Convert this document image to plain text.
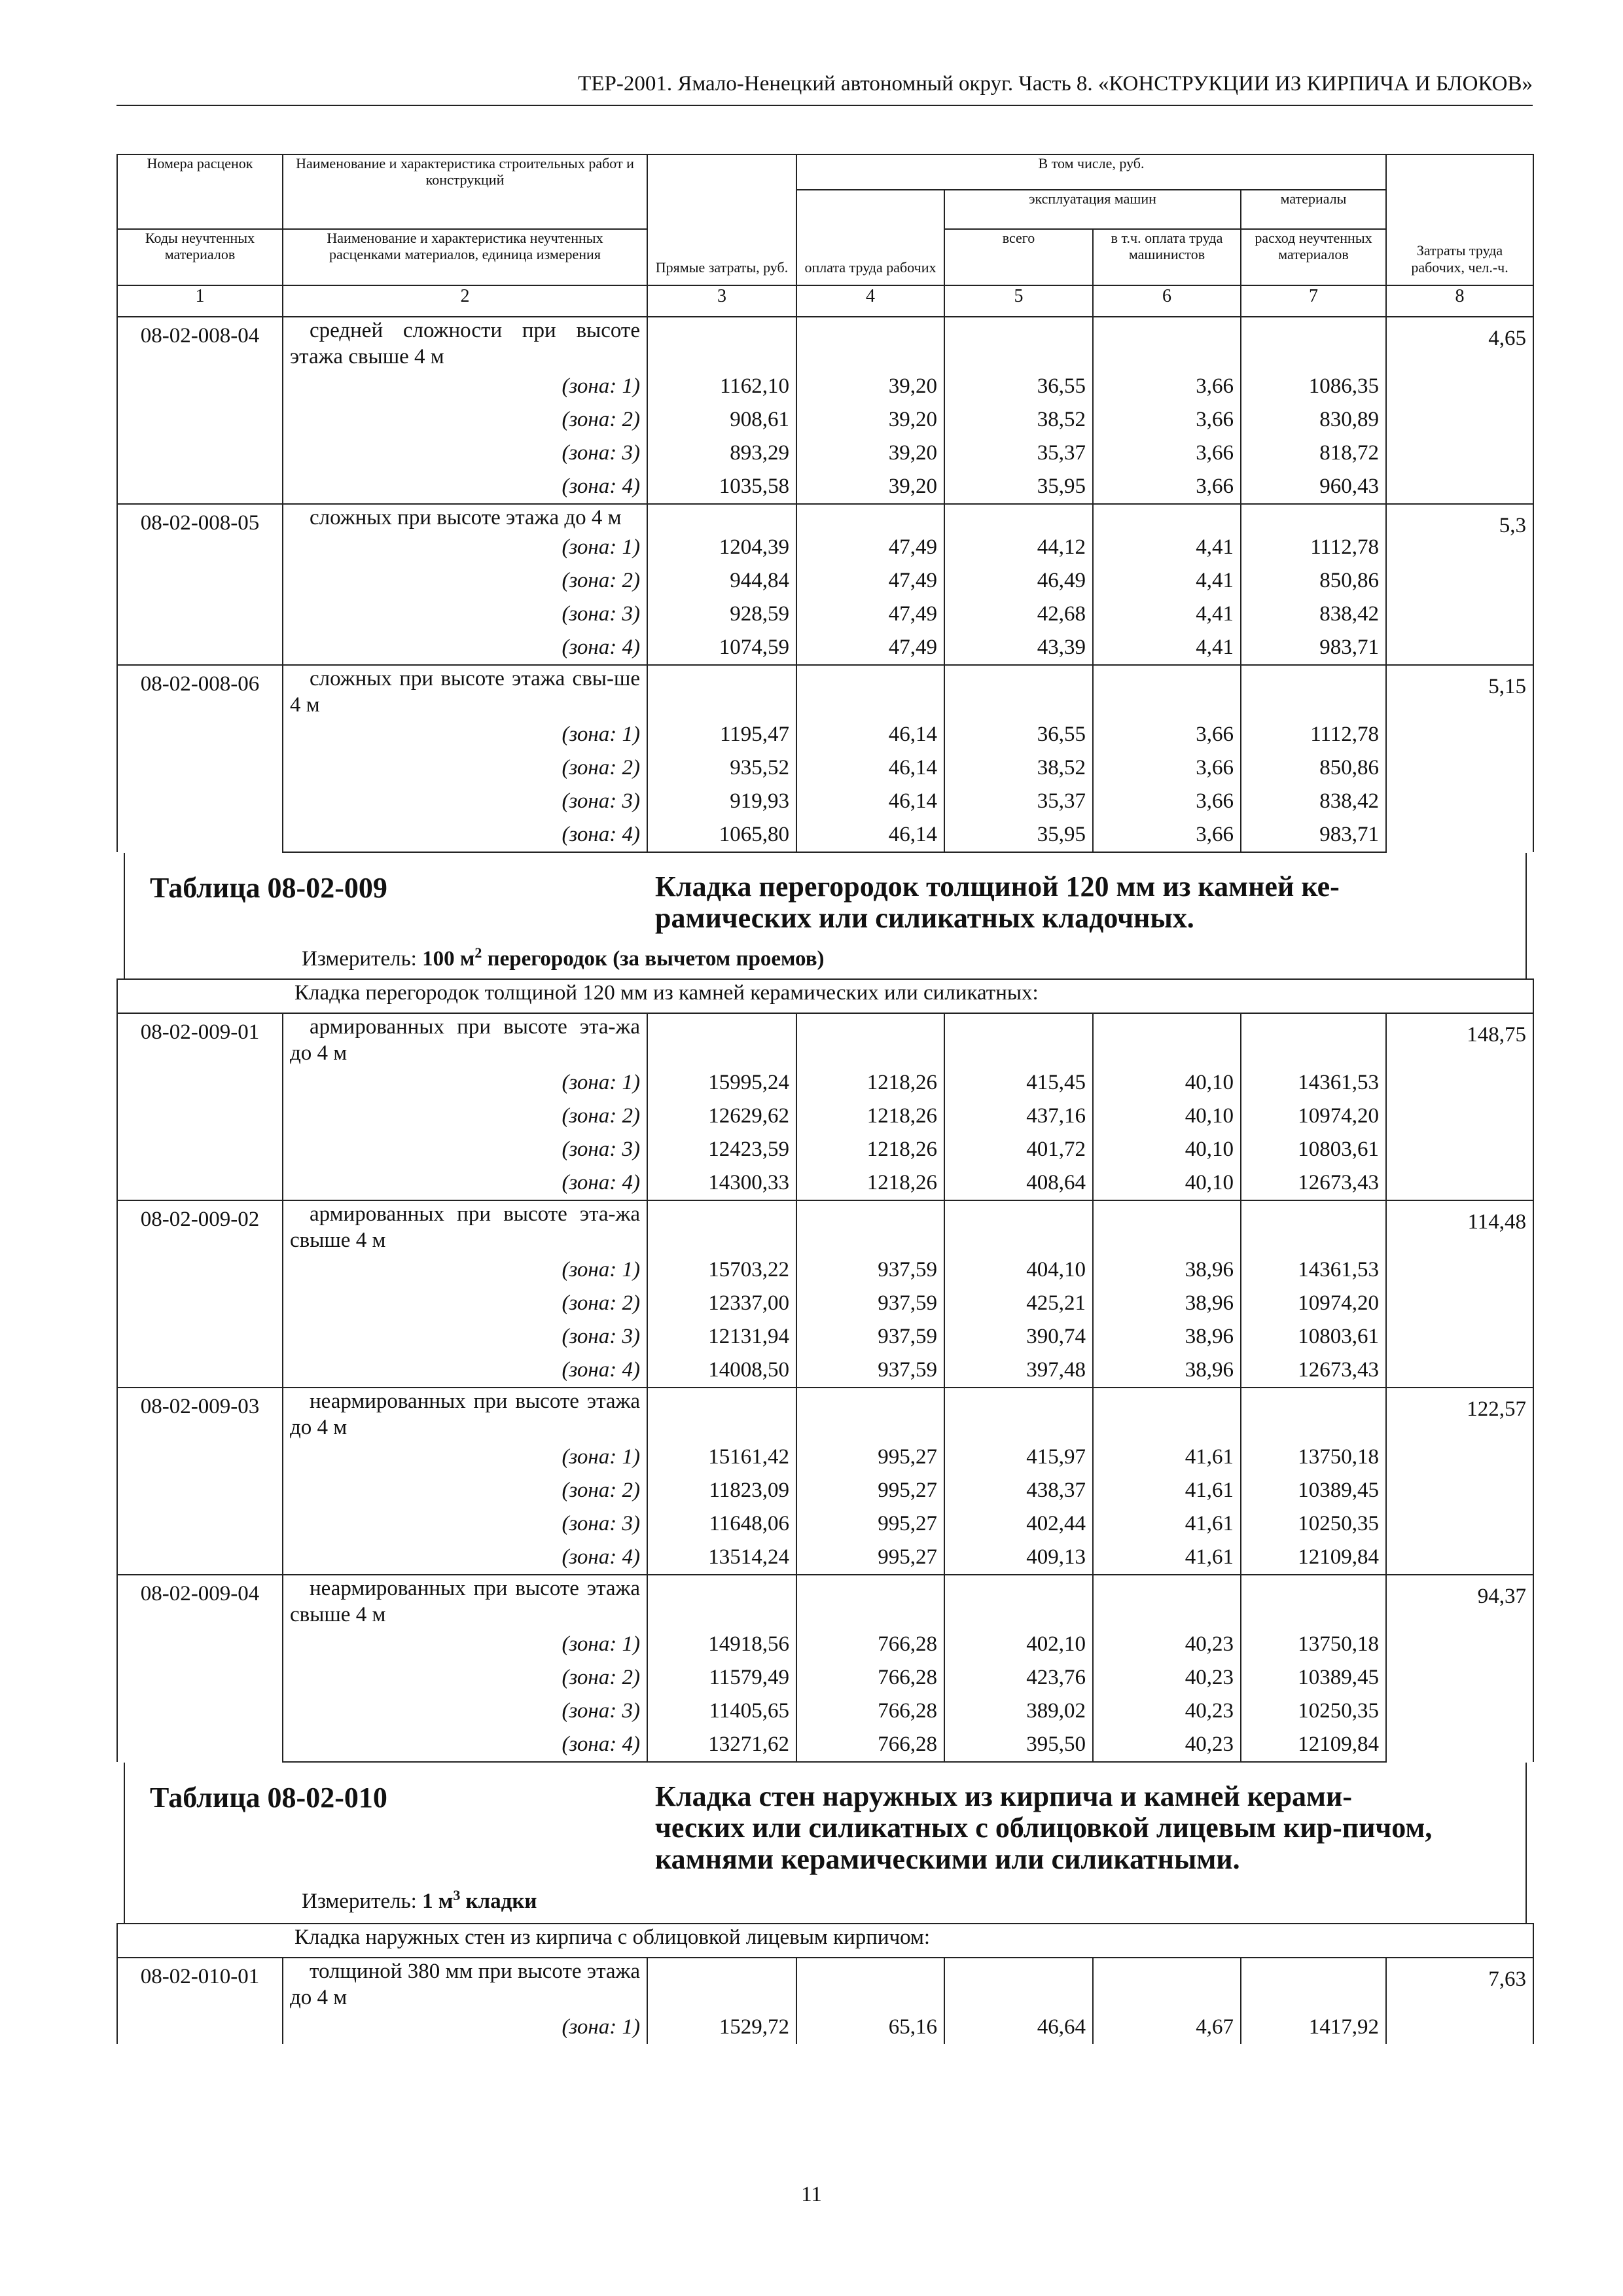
ТЕР-2001. Ямало-Ненецкий автономный округ. Часть 8. «КОНСТРУКЦИИ ИЗ КИРПИЧА И БЛОКОВ»
Номера расценок	Наименование и характеристика строительных работ и конструкций	Прямые затраты, руб.	В том числе, руб.				Затраты труда рабочих, чел.-ч.
			оплата труда рабочих	эксплуатация машин		материалы	
Коды неучтенных материалов	Наименование и характеристика неучтенных расценками материалов, единица измерения			всего	в т.ч. оплата труда машинистов	расход неучтенных материалов	
1	2	3	4	5	6	7	8
08-02-008-04	средней сложности при высоте этажа свыше 4 м						4,65
	(зона: 1)	1162,10	39,20	36,55	3,66	1086,35	
	(зона: 2)	908,61	39,20	38,52	3,66	830,89	
	(зона: 3)	893,29	39,20	35,37	3,66	818,72	
	(зона: 4)	1035,58	39,20	35,95	3,66	960,43	
08-02-008-05	сложных при высоте этажа до 4 м						5,3
	(зона: 1)	1204,39	47,49	44,12	4,41	1112,78	
	(зона: 2)	944,84	47,49	46,49	4,41	850,86	
	(зона: 3)	928,59	47,49	42,68	4,41	838,42	
	(зона: 4)	1074,59	47,49	43,39	4,41	983,71	
08-02-008-06	сложных при высоте этажа свы-ше 4 м						5,15
	(зона: 1)	1195,47	46,14	36,55	3,66	1112,78	
	(зона: 2)	935,52	46,14	38,52	3,66	850,86	
	(зона: 3)	919,93	46,14	35,37	3,66	838,42	
	(зона: 4)	1065,80	46,14	35,95	3,66	983,71	

Таблица 08-02-009 Кладка перегородок толщиной 120 мм из камней ке-рамических или силикатных кладочных.
Измеритель: 100 $м^2$ перегородок (за вычетом проемов)							

Кладка перегородок толщиной 120 мм из камней керамических или силикатных:							
08-02-009-01	армированных при высоте эта-жа до 4 м						148,75
	(зона: 1)	15995,24	1218,26	415,45	40,10	14361,53	
	(зона: 2)	12629,62	1218,26	437,16	40,10	10974,20	
	(зона: 3)	12423,59	1218,26	401,72	40,10	10803,61	
	(зона: 4)	14300,33	1218,26	408,64	40,10	12673,43	
08-02-009-02	армированных при высоте эта-жа свыше 4 м						114,48
	(зона: 1)	15703,22	937,59	404,10	38,96	14361,53	
	(зона: 2)	12337,00	937,59	425,21	38,96	10974,20	
	(зона: 3)	12131,94	937,59	390,74	38,96	10803,61	
	(зона: 4)	14008,50	937,59	397,48	38,96	12673,43	
08-02-009-03	неармированных при высоте этажа до 4 м						122,57
	(зона: 1)	15161,42	995,27	415,97	41,61	13750,18	
	(зона: 2)	11823,09	995,27	438,37	41,61	10389,45	
	(зона: 3)	11648,06	995,27	402,44	41,61	10250,35	
	(зона: 4)	13514,24	995,27	409,13	41,61	12109,84	
08-02-009-04	неармированных при высоте этажа свыше 4 м						94,37
	(зона: 1)	14918,56	766,28	402,10	40,23	13750,18	
	(зона: 2)	11579,49	766,28	423,76	40,23	10389,45	
	(зона: 3)	11405,65	766,28	389,02	40,23	10250,35	
	(зона: 4)	13271,62	766,28	395,50	40,23	12109,84	

Таблица 08-02-010 Кладка стен наружных из кирпича и камней керами-ческих или силикатных с облицовкой лицевым кир-пичом, камнями керамическими или силикатными.
Измеритель: 1 $м^3$ кладки							

Кладка наружных стен из кирпича с облицовкой лицевым кирпичом:							
08-02-010-01	толщиной 380 мм при высоте этажа до 4 м						7,63
	(зона: 1)	1529,72	65,16	46,64	4,67	1417,92	
11
